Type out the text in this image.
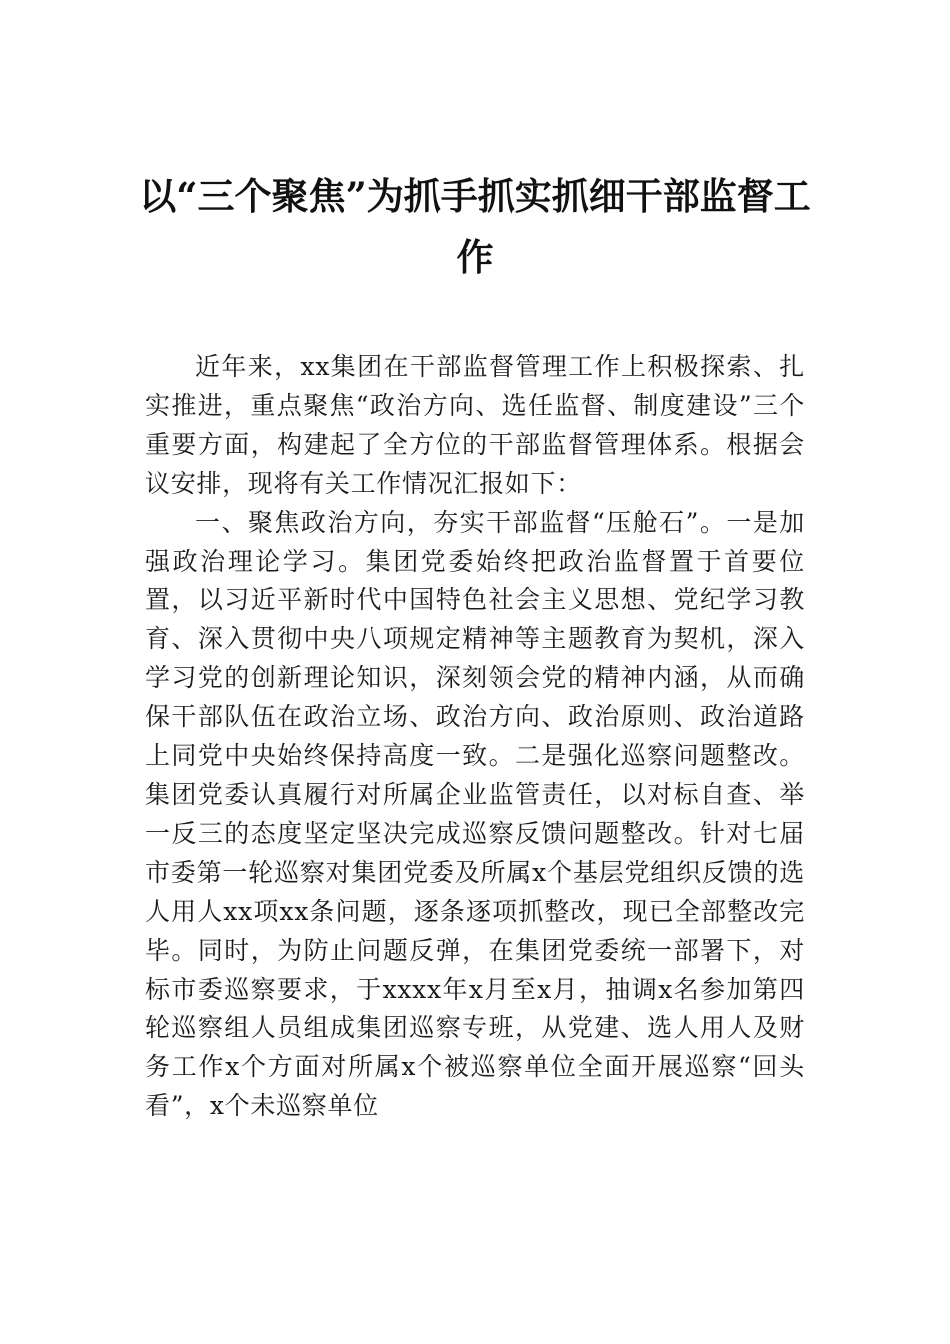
以“三个聚焦”为抓手抓实抓细干部监督工作

近年来，xx集团在干部监督管理工作上积极探索、扎实推进，重点聚焦“政治方向、选任监督、制度建设”三个重要方面，构建起了全方位的干部监督管理体系。根据会议安排，现将有关工作情况汇报如下：

一、聚焦政治方向，夯实干部监督“压舱石”。一是加强政治理论学习。集团党委始终把政治监督置于首要位置，以习近平新时代中国特色社会主义思想、党纪学习教育、深入贯彻中央八项规定精神等主题教育为契机，深入学习党的创新理论知识，深刻领会党的精神内涵，从而确保干部队伍在政治立场、政治方向、政治原则、政治道路上同党中央始终保持高度一致。二是强化巡察问题整改。集团党委认真履行对所属企业监管责任，以对标自查、举一反三的态度坚定坚决完成巡察反馈问题整改。针对七届市委第一轮巡察对集团党委及所属x个基层党组织反馈的选人用人xx项xx条问题，逐条逐项抓整改，现已全部整改完毕。同时，为防止问题反弹，在集团党委统一部署下，对标市委巡察要求，于xxxx年x月至x月，抽调x名参加第四轮巡察组人员组成集团巡察专班，从党建、选人用人及财务工作x个方面对所属x个被巡察单位全面开展巡察“回头看”，x个未巡察单位
